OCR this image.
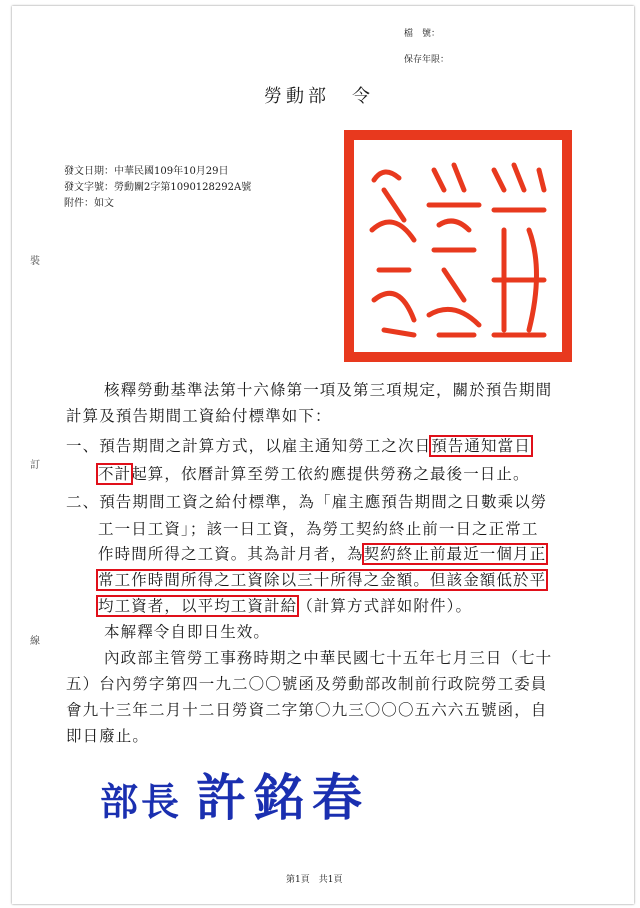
檔　號：
保存年限：
勞動部　令
發文日期：中華民國109年10月29日
發文字號：勞動關2字第1090128292A號
附件：如文
裝
訂
線
核釋勞動基準法第十六條第一項及第三項規定，關於預告期間
計算及預告期間工資給付標準如下：
一、預告期間之計算方式，以雇主通知勞工之次日預告通知當日
不計起算，依曆計算至勞工依約應提供勞務之最後一日止。
二、預告期間工資之給付標準，為「雇主應預告期間之日數乘以勞
工一日工資」；該一日工資，為勞工契約終止前一日之正常工
作時間所得之工資。其為計月者，為契約終止前最近一個月正
常工作時間所得之工資除以三十所得之金額。但該金額低於平
均工資者，以平均工資計給（計算方式詳如附件）。
本解釋令自即日生效。
內政部主管勞工事務時期之中華民國七十五年七月三日（七十
五）台內勞字第四一九二〇〇號函及勞動部改制前行政院勞工委員
會九十三年二月十二日勞資二字第〇九三〇〇〇五六六五號函，自
即日廢止。
部長 許銘春
第1頁　共1頁
